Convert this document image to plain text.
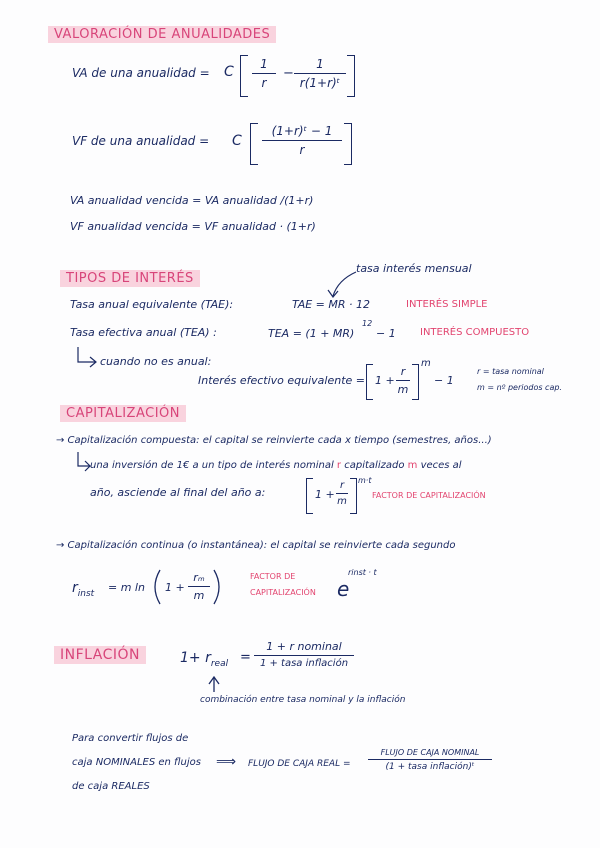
VALORACIÓN DE ANUALIDADES
VA de una anualidad = C	1
r
−
1
r(1+r)ᵗ
VF de una anualidad = C
(1+r)ᵗ − 1
r
VA anualidad vencida = VA anualidad /(1+r)
VF anualidad vencida = VF anualidad · (1+r)
TIPOS DE INTERÉS
tasa interés mensual
Tasa anual equivalente (TAE):	TAE = MR · 12	INTERÉS SIMPLE
Tasa efectiva anual (TEA) :	TEA = (1 + MR)
12
− 1 INTERÉS COMPUESTO
cuando no es anual:
Interés efectivo equivalente = 1 +
r
m
m
− 1
r = tasa nominal
m = nº periodos cap.
CAPITALIZACIÓN
→ Capitalización compuesta: el capital se reinvierte cada x tiempo (semestres, años...)
una inversión de 1€ a un tipo de interés nominal r capitalizado m veces al
año, asciende al final del año a:	1 +
r
m
m·t
FACTOR DE CAPITALIZACIÓN
→ Capitalización continua (o instantánea): el capital se reinvierte cada segundo
$r_{inst} = m$ ln 1 +
rₘ
m
FACTOR DE
CAPITALIZACIÓN e
rinst · t
INFLACIÓN	$1+ r_{real}$ =
1 + r nominal
1 + tasa inflación
combinación entre tasa nominal y la inflación
Para convertir flujos de
caja NOMINALES en flujos
de caja REALES
⟹ FLUJO DE CAJA REAL =
FLUJO DE CAJA NOMINAL
(1 + tasa inflación)ᵗ
